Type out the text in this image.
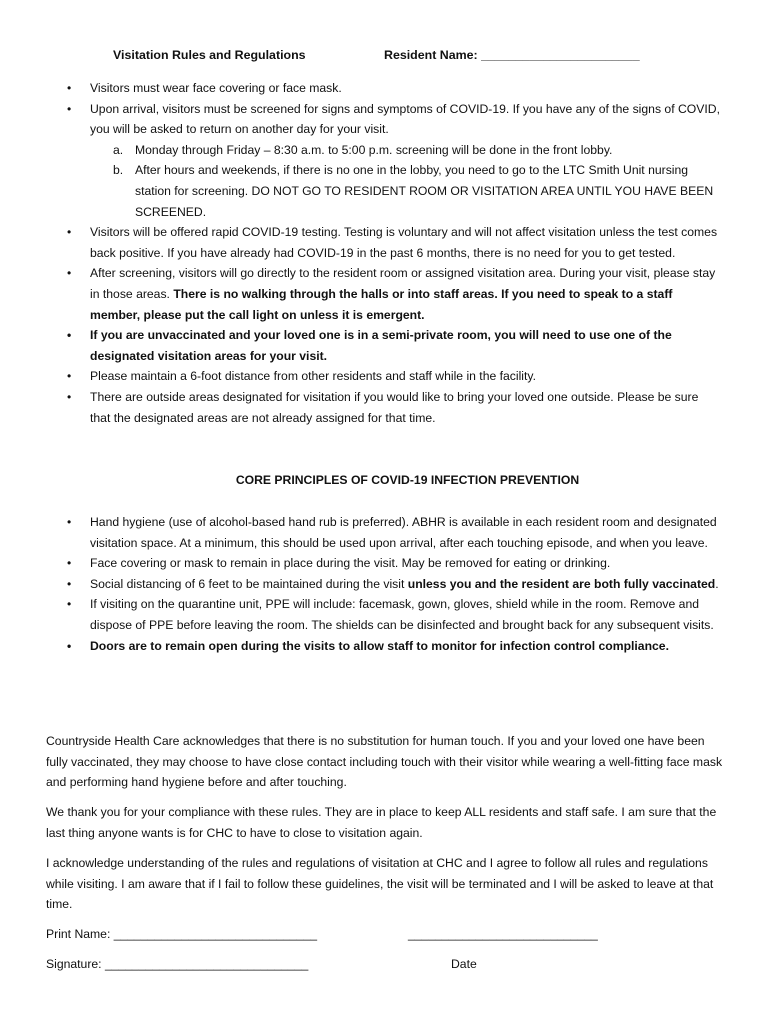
Visitation Rules and Regulations	Resident Name: _______________________
• Visitors must wear face covering or face mask.
• Upon arrival, visitors must be screened for signs and symptoms of COVID-19. If you have any of the signs of COVID, you will be asked to return on another day for your visit.
a. Monday through Friday – 8:30 a.m. to 5:00 p.m. screening will be done in the front lobby.
b. After hours and weekends, if there is no one in the lobby, you need to go to the LTC Smith Unit nursing station for screening. DO NOT GO TO RESIDENT ROOM OR VISITATION AREA UNTIL YOU HAVE BEEN SCREENED.
• Visitors will be offered rapid COVID-19 testing. Testing is voluntary and will not affect visitation unless the test comes back positive. If you have already had COVID-19 in the past 6 months, there is no need for you to get tested.
• After screening, visitors will go directly to the resident room or assigned visitation area. During your visit, please stay in those areas. There is no walking through the halls or into staff areas. If you need to speak to a staff member, please put the call light on unless it is emergent.
• If you are unvaccinated and your loved one is in a semi-private room, you will need to use one of the designated visitation areas for your visit.
• Please maintain a 6-foot distance from other residents and staff while in the facility.
• There are outside areas designated for visitation if you would like to bring your loved one outside. Please be sure that the designated areas are not already assigned for that time.
CORE PRINCIPLES OF COVID-19 INFECTION PREVENTION
• Hand hygiene (use of alcohol-based hand rub is preferred). ABHR is available in each resident room and designated visitation space. At a minimum, this should be used upon arrival, after each touching episode, and when you leave.
• Face covering or mask to remain in place during the visit. May be removed for eating or drinking.
• Social distancing of 6 feet to be maintained during the visit unless you and the resident are both fully vaccinated.
• If visiting on the quarantine unit, PPE will include: facemask, gown, gloves, shield while in the room. Remove and dispose of PPE before leaving the room. The shields can be disinfected and brought back for any subsequent visits.
• Doors are to remain open during the visits to allow staff to monitor for infection control compliance.

Countryside Health Care acknowledges that there is no substitution for human touch. If you and your loved one have been fully vaccinated, they may choose to have close contact including touch with their visitor while wearing a well-fitting face mask and performing hand hygiene before and after touching.

We thank you for your compliance with these rules. They are in place to keep ALL residents and staff safe. I am sure that the last thing anyone wants is for CHC to have to close to visitation again.

I acknowledge understanding of the rules and regulations of visitation at CHC and I agree to follow all rules and regulations while visiting. I am aware that if I fail to follow these guidelines, the visit will be terminated and I will be asked to leave at that time.

Print Name: ______________________________	____________________________
Signature: ______________________________	Date
